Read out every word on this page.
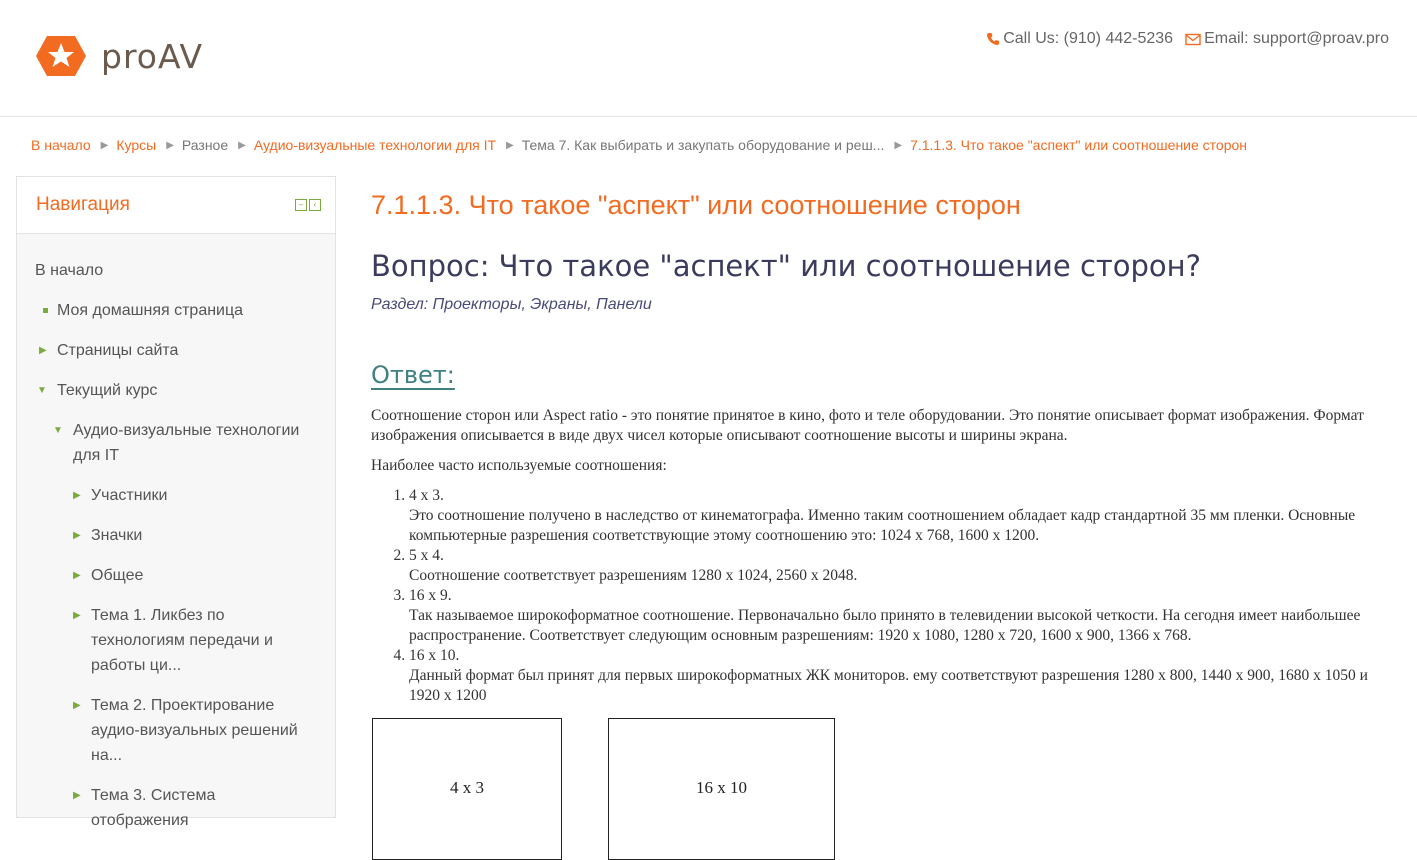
proAV	Call Us: (910) 442-5236 Email: support@proav.pro
В начало ▶ Курсы ▶ Разное ▶ Аудио-визуальные технологии для IT ▶ Тема 7. Как выбирать и закупать оборудование и реш... ▶ 7.1.1.3. Что такое "аспект" или соотношение сторон
Навигация	–	‹
В начало
Моя домашняя страница
▶ Страницы сайта
▼ Текущий курс
▼ Аудио-визуальные технологии для IT
▶ Участники
▶ Значки
▶ Общее
▶ Тема 1. Ликбез по технологиям передачи и работы ци...
▶ Тема 2. Проектирование аудио-визуальных решений на...
▶ Тема 3. Система отображения
7.1.1.3. Что такое "аспект" или соотношение сторон
Вопрос: Что такое "аспект" или соотношение сторон?
Раздел: Проекторы, Экраны, Панели
Ответ:

Соотношение сторон или Aspect ratio - это понятие принятое в кино, фото и теле оборудовании. Это понятие описывает формат изображения. Формат изображения описывается в виде двух чисел которые описывают соотношение высоты и ширины экрана.

Наиболее часто используемые соотношения:

1. 4 x 3.
Это соотношение получено в наследство от кинематографа. Именно таким соотношением обладает кадр стандартной 35 мм пленки. Основные компьютерные разрешения соответствующие этому соотношению это: 1024 x 768, 1600 x 1200.
2. 5 x 4.
Соотношение соответствует разрешениям 1280 x 1024, 2560 x 2048.
3. 16 x 9.
Так называемое широкоформатное соотношение. Первоначально было принято в телевидении высокой четкости. На сегодня имеет наибольшее распространение. Соответствует следующим основным разрешениям: 1920 x 1080, 1280 x 720, 1600 x 900, 1366 x 768.
4. 16 x 10.
Данный формат был принят для первых широкоформатных ЖК мониторов. ему соответствуют разрешения 1280 x 800, 1440 x 900, 1680 x 1050 и 1920 x 1200
4 x 3	16 x 10
